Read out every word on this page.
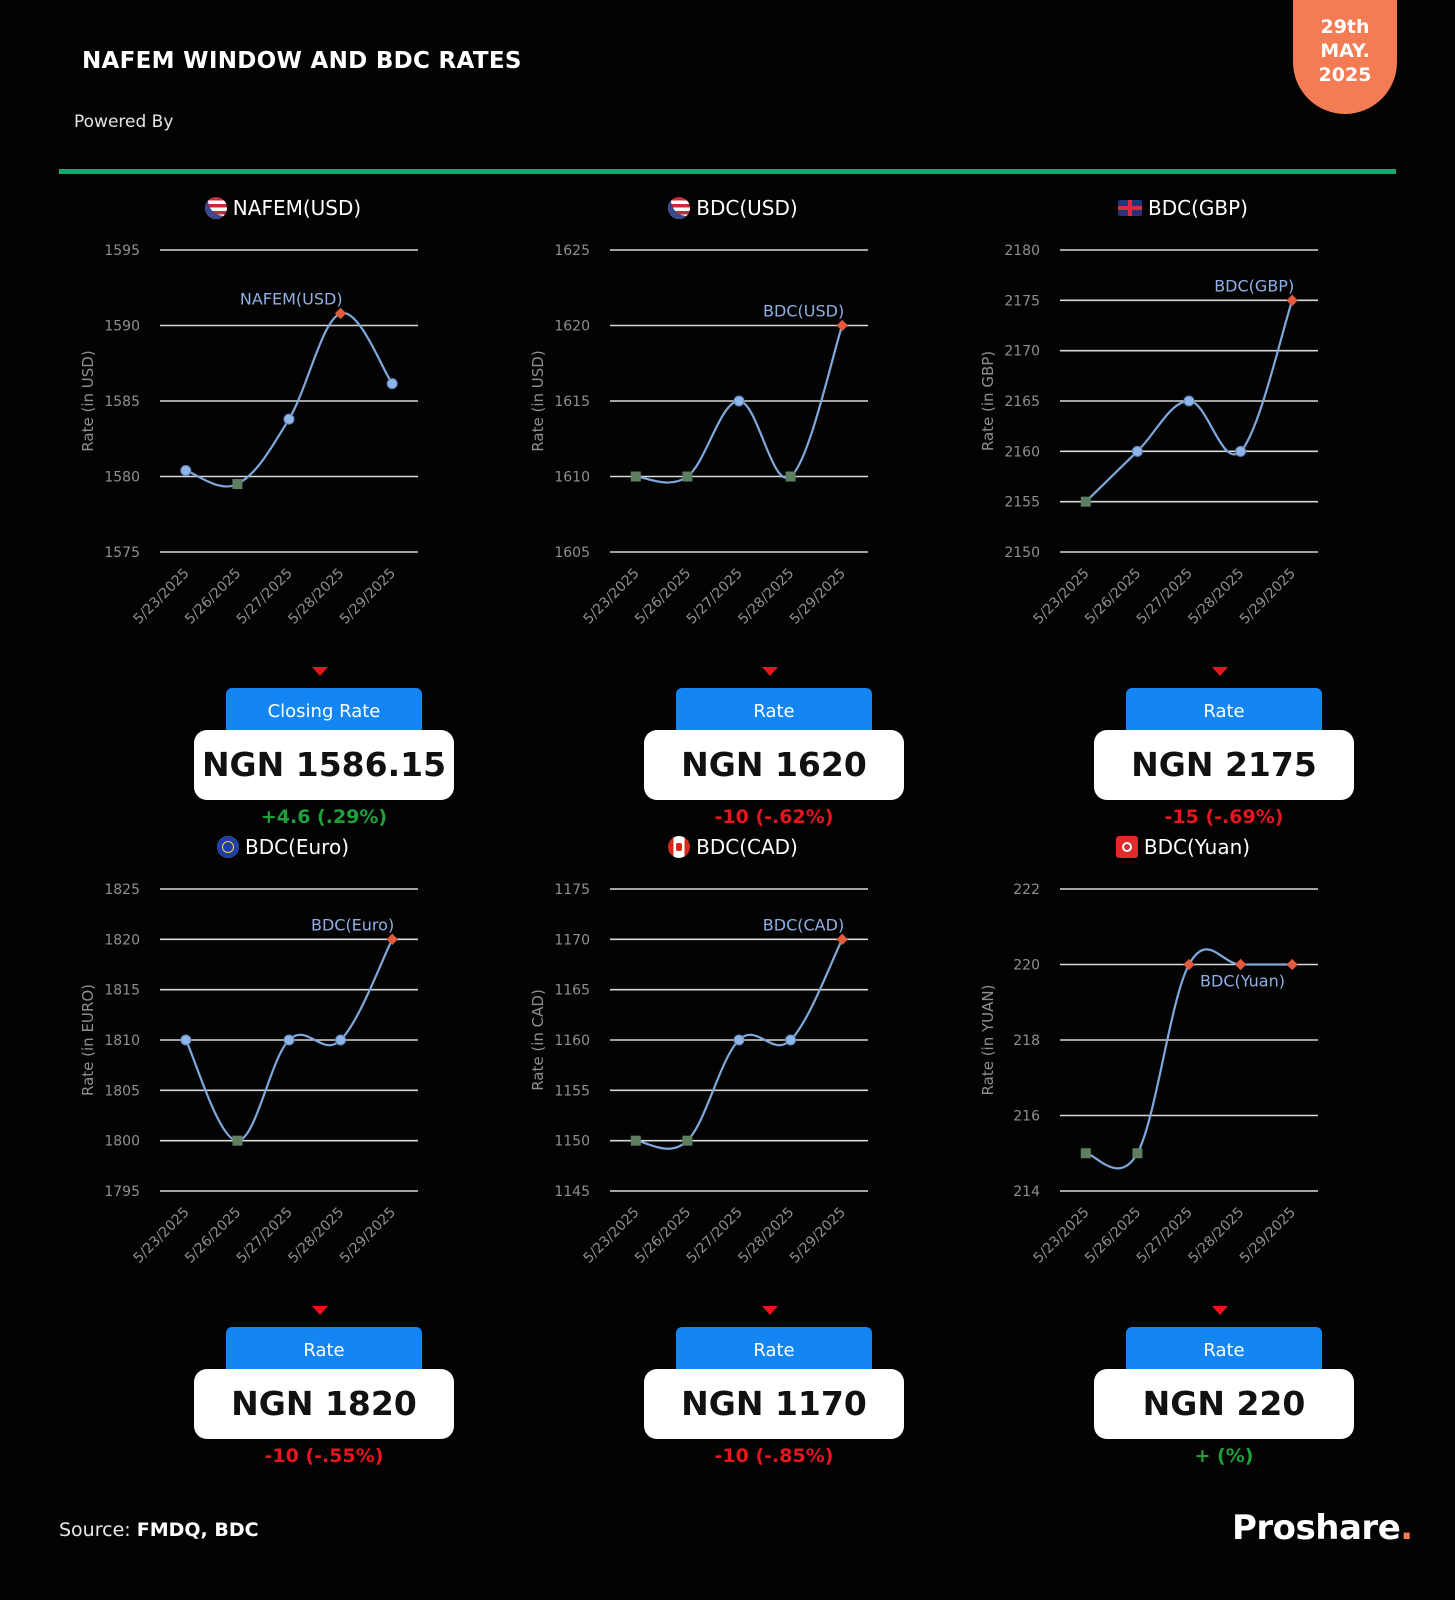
NAFEM WINDOW AND BDC RATES
Powered By
29th
MAY.
2025
NAFEM(USD)
1575
1580
1585
1590
1595
Rate (in USD)
5/23/2025
5/26/2025
5/27/2025
5/28/2025
5/29/2025
NAFEM(USD)
Closing Rate
NGN 1586.15
+4.6 (.29%)
BDC(USD)
1605
1610
1615
1620
1625
Rate (in USD)
5/23/2025
5/26/2025
5/27/2025
5/28/2025
5/29/2025
BDC(USD)
Rate
NGN 1620
-10 (-.62%)
BDC(GBP)
2150
2155
2160
2165
2170
2175
2180
Rate (in GBP)
5/23/2025
5/26/2025
5/27/2025
5/28/2025
5/29/2025
BDC(GBP)
Rate
NGN 2175
-15 (-.69%)
BDC(Euro)
1795
1800
1805
1810
1815
1820
1825
Rate (in EURO)
5/23/2025
5/26/2025
5/27/2025
5/28/2025
5/29/2025
BDC(Euro)
Rate
NGN 1820
-10 (-.55%)
BDC(CAD)
1145
1150
1155
1160
1165
1170
1175
Rate (in CAD)
5/23/2025
5/26/2025
5/27/2025
5/28/2025
5/29/2025
BDC(CAD)
Rate
NGN 1170
-10 (-.85%)
BDC(Yuan)
214
216
218
220
222
Rate (in YUAN)
5/23/2025
5/26/2025
5/27/2025
5/28/2025
5/29/2025
BDC(Yuan)
Rate
NGN 220
+ (%)
Source: FMDQ, BDC	Proshare.
